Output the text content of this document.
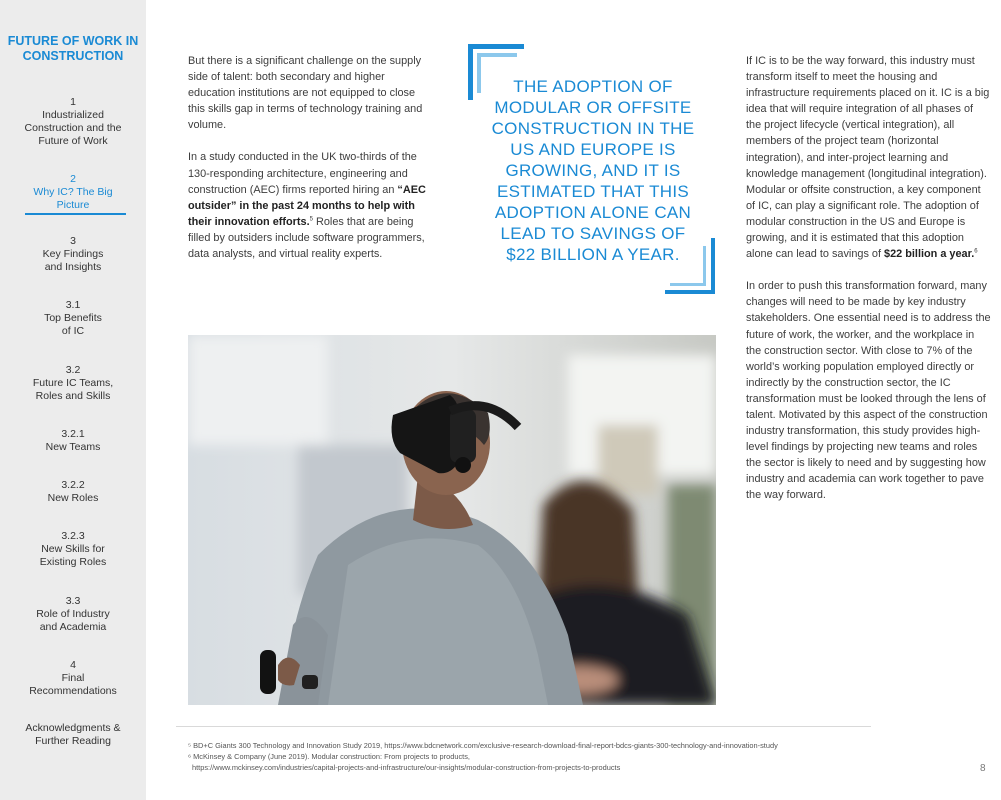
FUTURE OF WORK IN CONSTRUCTION
1
Industrialized Construction and the Future of Work
2
Why IC? The Big Picture
3
Key Findings and Insights
3.1
Top Benefits of IC
3.2
Future IC Teams, Roles and Skills
3.2.1
New Teams
3.2.2
New Roles
3.2.3
New Skills for Existing Roles
3.3
Role of Industry and Academia
4
Final Recommendations
Acknowledgments & Further Reading

But there is a significant challenge on the supply side of talent: both secondary and higher education institutions are not equipped to close this skills gap in terms of technology training and volume.

In a study conducted in the UK two-thirds of the 130-responding architecture, engineering and construction (AEC) firms reported hiring an “AEC outsider” in the past 24 months to help with their innovation efforts.$^5$ Roles that are being filled by outsiders include software programmers, data analysts, and virtual reality experts.

THE ADOPTION OF MODULAR OR OFFSITE CONSTRUCTION IN THE US AND EUROPE IS GROWING, AND IT IS ESTIMATED THAT THIS ADOPTION ALONE CAN LEAD TO SAVINGS OF $22 BILLION A YEAR.

If IC is to be the way forward, this industry must transform itself to meet the housing and infrastructure requirements placed on it. IC is a big idea that will require integration of all phases of the project lifecycle (vertical integration), all members of the project team (horizontal integration), and inter-project learning and knowledge management (longitudinal integration). Modular or offsite construction, a key component of IC, can play a significant role. The adoption of modular construction in the US and Europe is growing, and it is estimated that this adoption alone can lead to savings of $22 billion a year.$^6$

In order to push this transformation forward, many changes will need to be made by key industry stakeholders. One essential need is to address the future of work, the worker, and the workplace in the construction sector. With close to 7% of the world’s working population employed directly or indirectly by the construction sector, the IC transformation must be looked through the lens of talent. Motivated by this aspect of the construction industry transformation, this study provides high-level findings by projecting new teams and roles the sector is likely to need and by suggesting how industry and academia can work together to pave the way forward.

⁵ BD+C Giants 300 Technology and Innovation Study 2019, https://www.bdcnetwork.com/exclusive-research-download-final-report-bdcs-giants-300-technology-and-innovation-study
⁶ McKinsey & Company (June 2019). Modular construction: From projects to products,
https://www.mckinsey.com/industries/capital-projects-and-infrastructure/our-insights/modular-construction-from-projects-to-products	8
